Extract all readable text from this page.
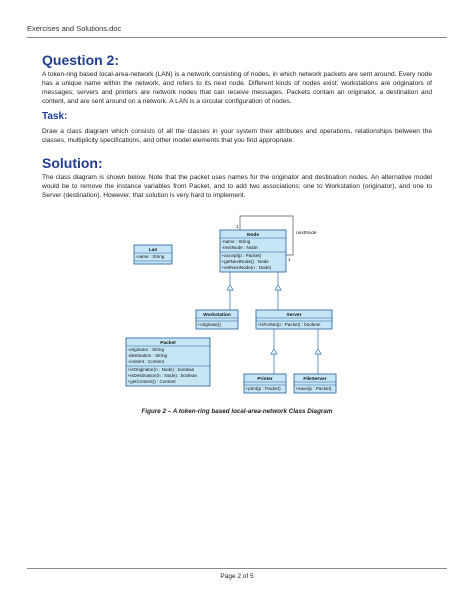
Exercises and Solutions.doc
Question 2:
A token-ring based local-area-network (LAN) is a network consisting of nodes, in which network packets are sent around. Every node has a unique name within the network, and refers to its next node. Different kinds of nodes exist: workstations are originators of messages; servers and printers are network nodes that can receive messages. Packets contain an originator, a destination and content, and are sent around on a network. A LAN is a circular configuration of nodes.
Task:
Draw a class diagram which consists of all the classes in your system their attributes and operations, relationships between the classes, multiplicity specifications, and other model elements that you find appropriate.
Solution:
The class diagram is shown below. Note that the packet uses names for the originator and destination nodes. An alternative model would be to remove the instance variables from Packet, and to add two associations: one to Workstation (originator), and one to Server (destination). However, that solution is very hard to implement.
Lan
-name : String
Node
-name : String
-nextNode : Node
+accept(p : Packet)
+getNextNode() : Node
+setNextNode(n : Node)
Workstation
+originate()
Server
+isForMe(p : Packet) : boolean
Packet
-originator : String
-destination : String
-content : Content
+isOriginator(n : Node) : boolean
+isDestination(n : Node) : boolean
+getContent() : Content	Printer
+print(p : Packet)
FileServer
+save(p : Packet)
1
1
nextNode
Figure 2 – A token-ring based local-area-network Class Diagram
Page 2 of 5
